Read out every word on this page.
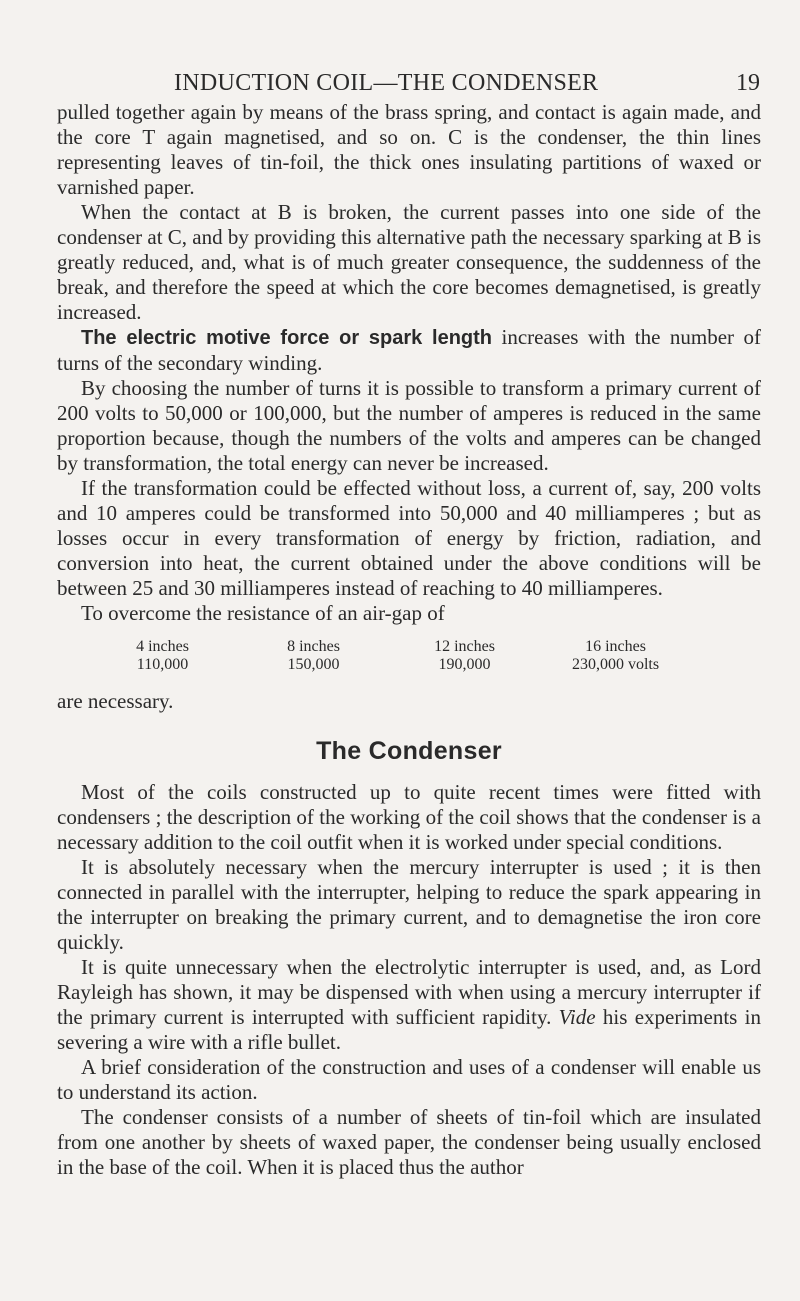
INDUCTION COIL—THE CONDENSER	19

pulled together again by means of the brass spring, and contact is again made, and the core T again magnetised, and so on. C is the condenser, the thin lines representing leaves of tin-foil, the thick ones insulating partitions of waxed or varnished paper.

When the contact at B is broken, the current passes into one side of the condenser at C, and by providing this alternative path the necessary sparking at B is greatly reduced, and, what is of much greater consequence, the suddenness of the break, and therefore the speed at which the core becomes demagnetised, is greatly increased.

The electric motive force or spark length increases with the number of turns of the secondary winding.

By choosing the number of turns it is possible to transform a primary current of 200 volts to 50,000 or 100,000, but the number of amperes is reduced in the same proportion because, though the numbers of the volts and amperes can be changed by transformation, the total energy can never be increased.

If the transformation could be effected without loss, a current of, say, 200 volts and 10 amperes could be transformed into 50,000 and 40 milliamperes ; but as losses occur in every transformation of energy by friction, radiation, and conversion into heat, the current obtained under the above conditions will be between 25 and 30 milliamperes instead of reaching to 40 milliamperes.

To overcome the resistance of an air-gap of

4 inches	8 inches	12 inches	16 inches
110,000	150,000	190,000	230,000 volts

are necessary.

The Condenser

Most of the coils constructed up to quite recent times were fitted with condensers ; the description of the working of the coil shows that the condenser is a necessary addition to the coil outfit when it is worked under special conditions.

It is absolutely necessary when the mercury interrupter is used ; it is then connected in parallel with the interrupter, helping to reduce the spark appearing in the interrupter on breaking the primary current, and to demagnetise the iron core quickly.

It is quite unnecessary when the electrolytic interrupter is used, and, as Lord Rayleigh has shown, it may be dispensed with when using a mercury interrupter if the primary current is interrupted with sufficient rapidity. Vide his experiments in severing a wire with a rifle bullet.

A brief consideration of the construction and uses of a condenser will enable us to understand its action.

The condenser consists of a number of sheets of tin-foil which are insulated from one another by sheets of waxed paper, the condenser being usually enclosed in the base of the coil. When it is placed thus the author
